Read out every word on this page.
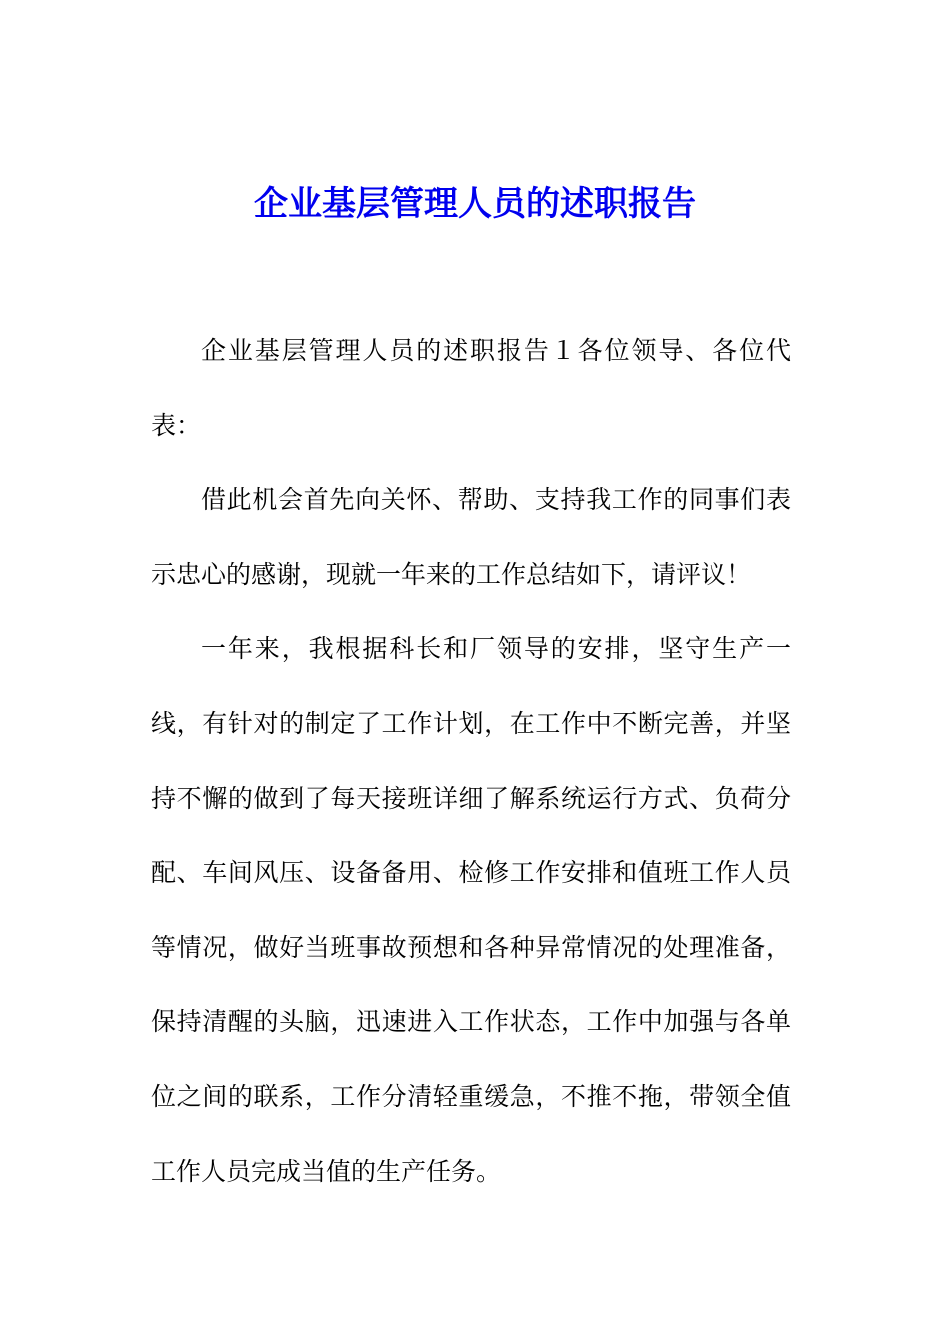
企业基层管理人员的述职报告

企业基层管理人员的述职报告１各位领导、各位代表：

借此机会首先向关怀、帮助、支持我工作的同事们表示忠心的感谢，现就一年来的工作总结如下，请评议！

一年来，我根据科长和厂领导的安排，坚守生产一线，有针对的制定了工作计划，在工作中不断完善，并坚持不懈的做到了每天接班详细了解系统运行方式、负荷分配、车间风压、设备备用、检修工作安排和值班工作人员等情况，做好当班事故预想和各种异常情况的处理准备，保持清醒的头脑，迅速进入工作状态，工作中加强与各单位之间的联系，工作分清轻重缓急，不推不拖，带领全值工作人员完成当值的生产任务。
